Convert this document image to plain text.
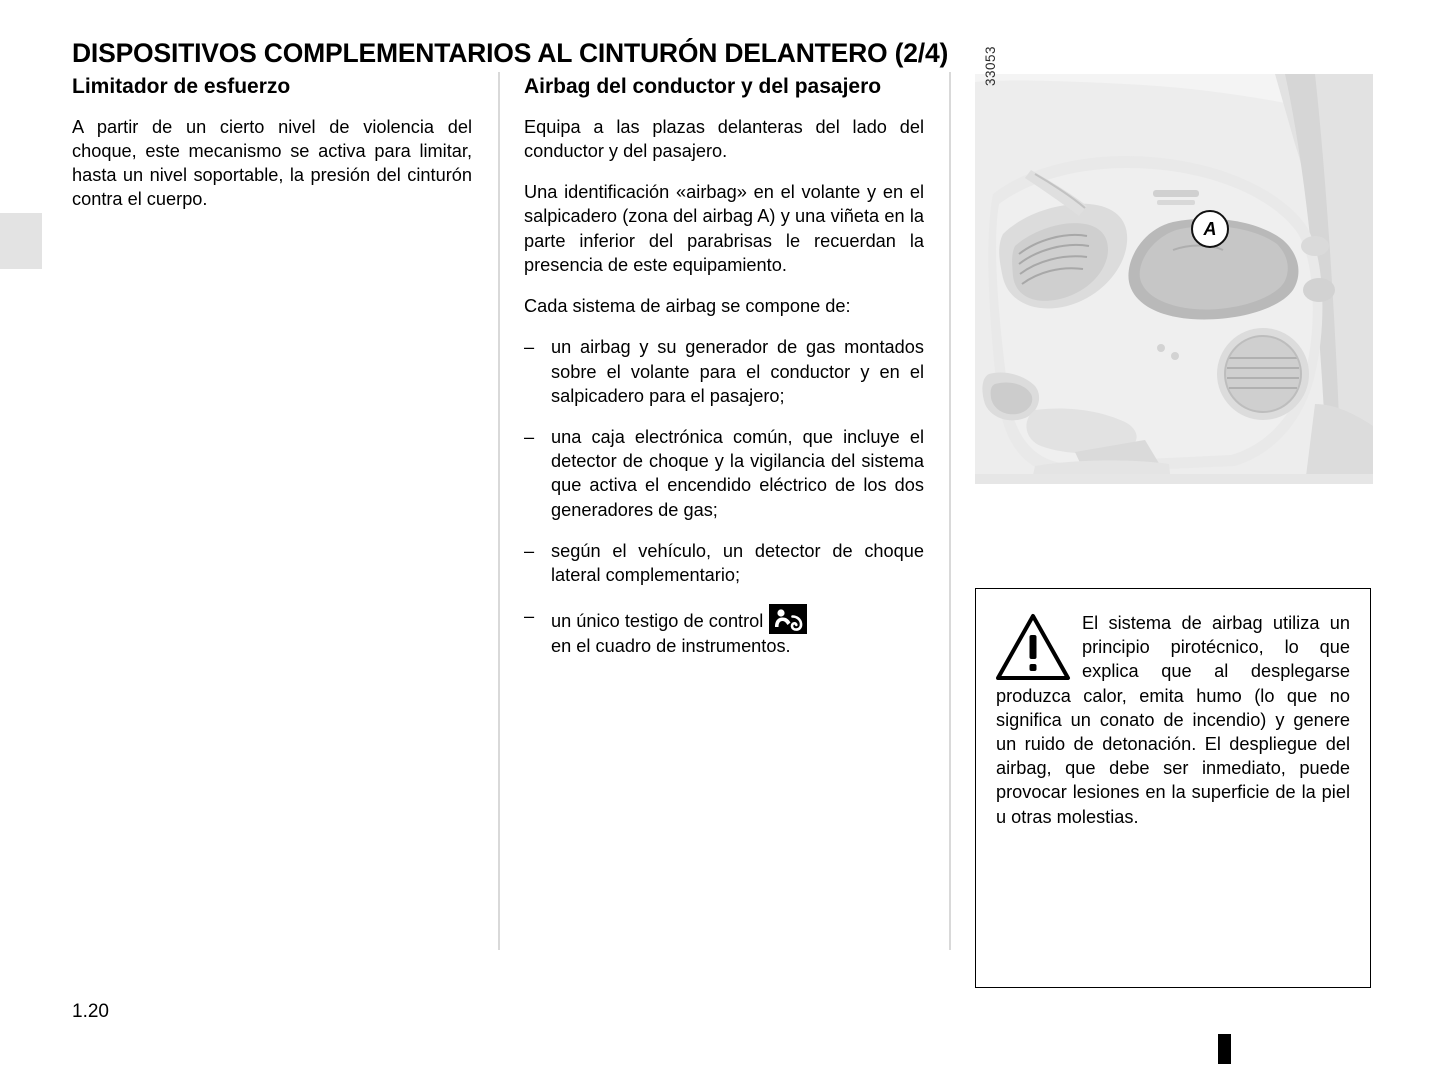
DISPOSITIVOS COMPLEMENTARIOS AL CINTURÓN DELANTERO (2/4)
Limitador de esfuerzo

A partir de un cierto nivel de violencia del choque, este mecanismo se activa para limitar, hasta un nivel soportable, la presión del cinturón contra el cuerpo.

Airbag del conductor y del pasajero

Equipa a las plazas delanteras del lado del conductor y del pasajero.

Una identificación «airbag» en el volante y en el salpicadero (zona del airbag A) y una viñeta en la parte inferior del parabrisas le recuerdan la presencia de este equipamiento.

Cada sistema de airbag se compone de:

– un airbag y su generador de gas montados sobre el volante para el conductor y en el salpicadero para el pasajero;
– una caja electrónica común, que incluye el detector de choque y la vigilancia del sistema que activa el encendido eléctrico de los dos generadores de gas;
– según el vehículo, un detector de choque lateral complementario;
– un único testigo de control
en el cuadro de instrumentos.
33053
A

El sistema de airbag utiliza un principio pirotécnico, lo que explica que al desplegarse produzca calor, emita humo (lo que no significa un conato de incendio) y genere un ruido de detonación. El despliegue del airbag, que debe ser inmediato, puede provocar lesiones en la superficie de la piel u otras molestias.

1.20
